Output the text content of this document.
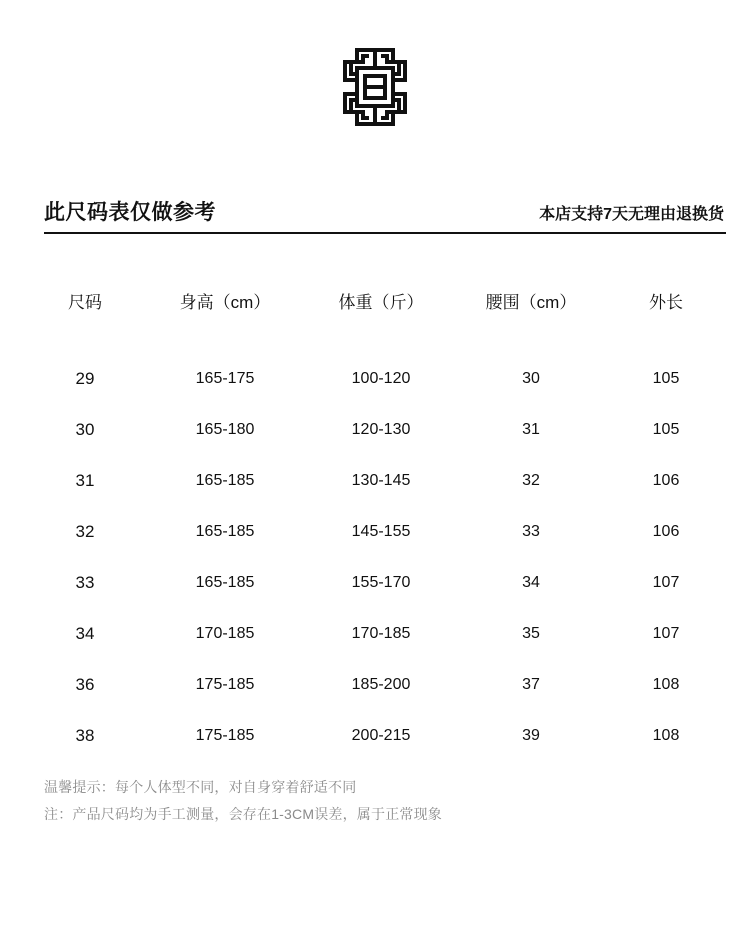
此尺码表仅做参考	本店支持7天无理由退换货
尺码	身高（cm）	体重（斤）	腰围（cm）	外长
29	165-175	100-120	30	105
30	165-180	120-130	31	105
31	165-185	130-145	32	106
32	165-185	145-155	33	106
33	165-185	155-170	34	107
34	170-185	170-185	35	107
36	175-185	185-200	37	108
38	175-185	200-215	39	108
温馨提示：每个人体型不同，对自身穿着舒适不同
注：产品尺码均为手工测量，会存在1-3CM误差，属于正常现象
